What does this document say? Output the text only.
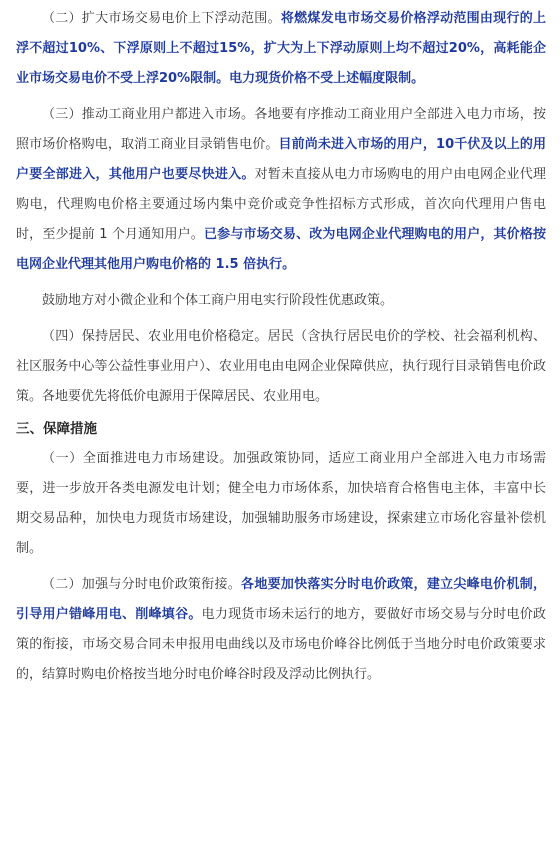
（二）扩大市场交易电价上下浮动范围。将燃煤发电市场交易价格浮动范围由现行的上浮不超过10%、下浮原则上不超过15%，扩大为上下浮动原则上均不超过20%，高耗能企业市场交易电价不受上浮20%限制。电力现货价格不受上述幅度限制。

（三）推动工商业用户都进入市场。各地要有序推动工商业用户全部进入电力市场，按照市场价格购电，取消工商业目录销售电价。目前尚未进入市场的用户，10千伏及以上的用户要全部进入，其他用户也要尽快进入。对暂未直接从电力市场购电的用户由电网企业代理购电，代理购电价格主要通过场内集中竞价或竞争性招标方式形成，首次向代理用户售电时，至少提前 1 个月通知用户。已参与市场交易、改为电网企业代理购电的用户，其价格按电网企业代理其他用户购电价格的 1.5 倍执行。

鼓励地方对小微企业和个体工商户用电实行阶段性优惠政策。

（四）保持居民、农业用电价格稳定。居民（含执行居民电价的学校、社会福利机构、社区服务中心等公益性事业用户）、农业用电由电网企业保障供应，执行现行目录销售电价政策。各地要优先将低价电源用于保障居民、农业用电。

三、保障措施

（一）全面推进电力市场建设。加强政策协同，适应工商业用户全部进入电力市场需要，进一步放开各类电源发电计划；健全电力市场体系，加快培育合格售电主体，丰富中长期交易品种，加快电力现货市场建设，加强辅助服务市场建设，探索建立市场化容量补偿机制。

（二）加强与分时电价政策衔接。各地要加快落实分时电价政策，建立尖峰电价机制，引导用户错峰用电、削峰填谷。电力现货市场未运行的地方，要做好市场交易与分时电价政策的衔接，市场交易合同未申报用电曲线以及市场电价峰谷比例低于当地分时电价政策要求的，结算时购电价格按当地分时电价峰谷时段及浮动比例执行。
